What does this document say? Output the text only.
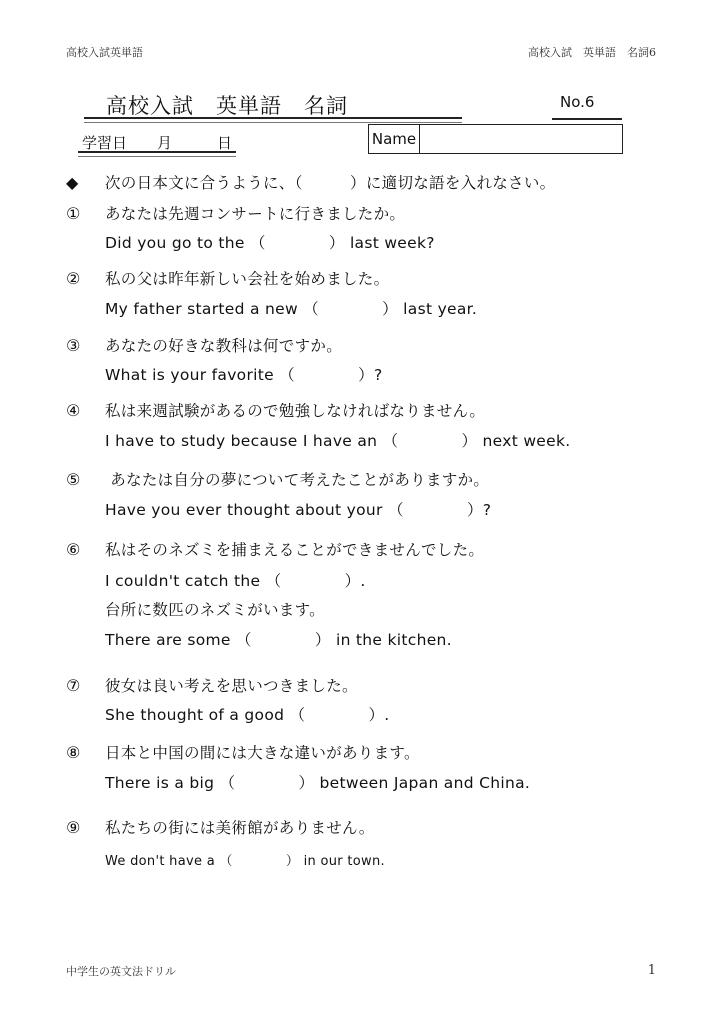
高校入試英単語	高校入試　英単語　名詞6
高校入試　英単語　名詞	No.6
学習日　　月　　　日	Name
◆ 次の日本文に合うように、（　　　）に適切な語を入れなさい。
① あなたは先週コンサートに行きましたか。
Did you go to the （　　　　） last week?
② 私の父は昨年新しい会社を始めました。
My father started a new （　　　　） last year.
③ あなたの好きな教科は何ですか。
What is your favorite （　　　　）?
④ 私は来週試験があるので勉強しなければなりません。
I have to study because I have an （　　　　） next week.
⑤ あなたは自分の夢について考えたことがありますか。
Have you ever thought about your （　　　　）?
⑥ 私はそのネズミを捕まえることができませんでした。
I couldn't catch the （　　　　）.
台所に数匹のネズミがいます。
There are some （　　　　） in the kitchen.
⑦ 彼女は良い考えを思いつきました。
She thought of a good （　　　　）.
⑧ 日本と中国の間には大きな違いがあります。
There is a big （　　　　） between Japan and China.
⑨ 私たちの街には美術館がありません。
We don't have a （　　　　） in our town.
中学生の英文法ドリル	1
